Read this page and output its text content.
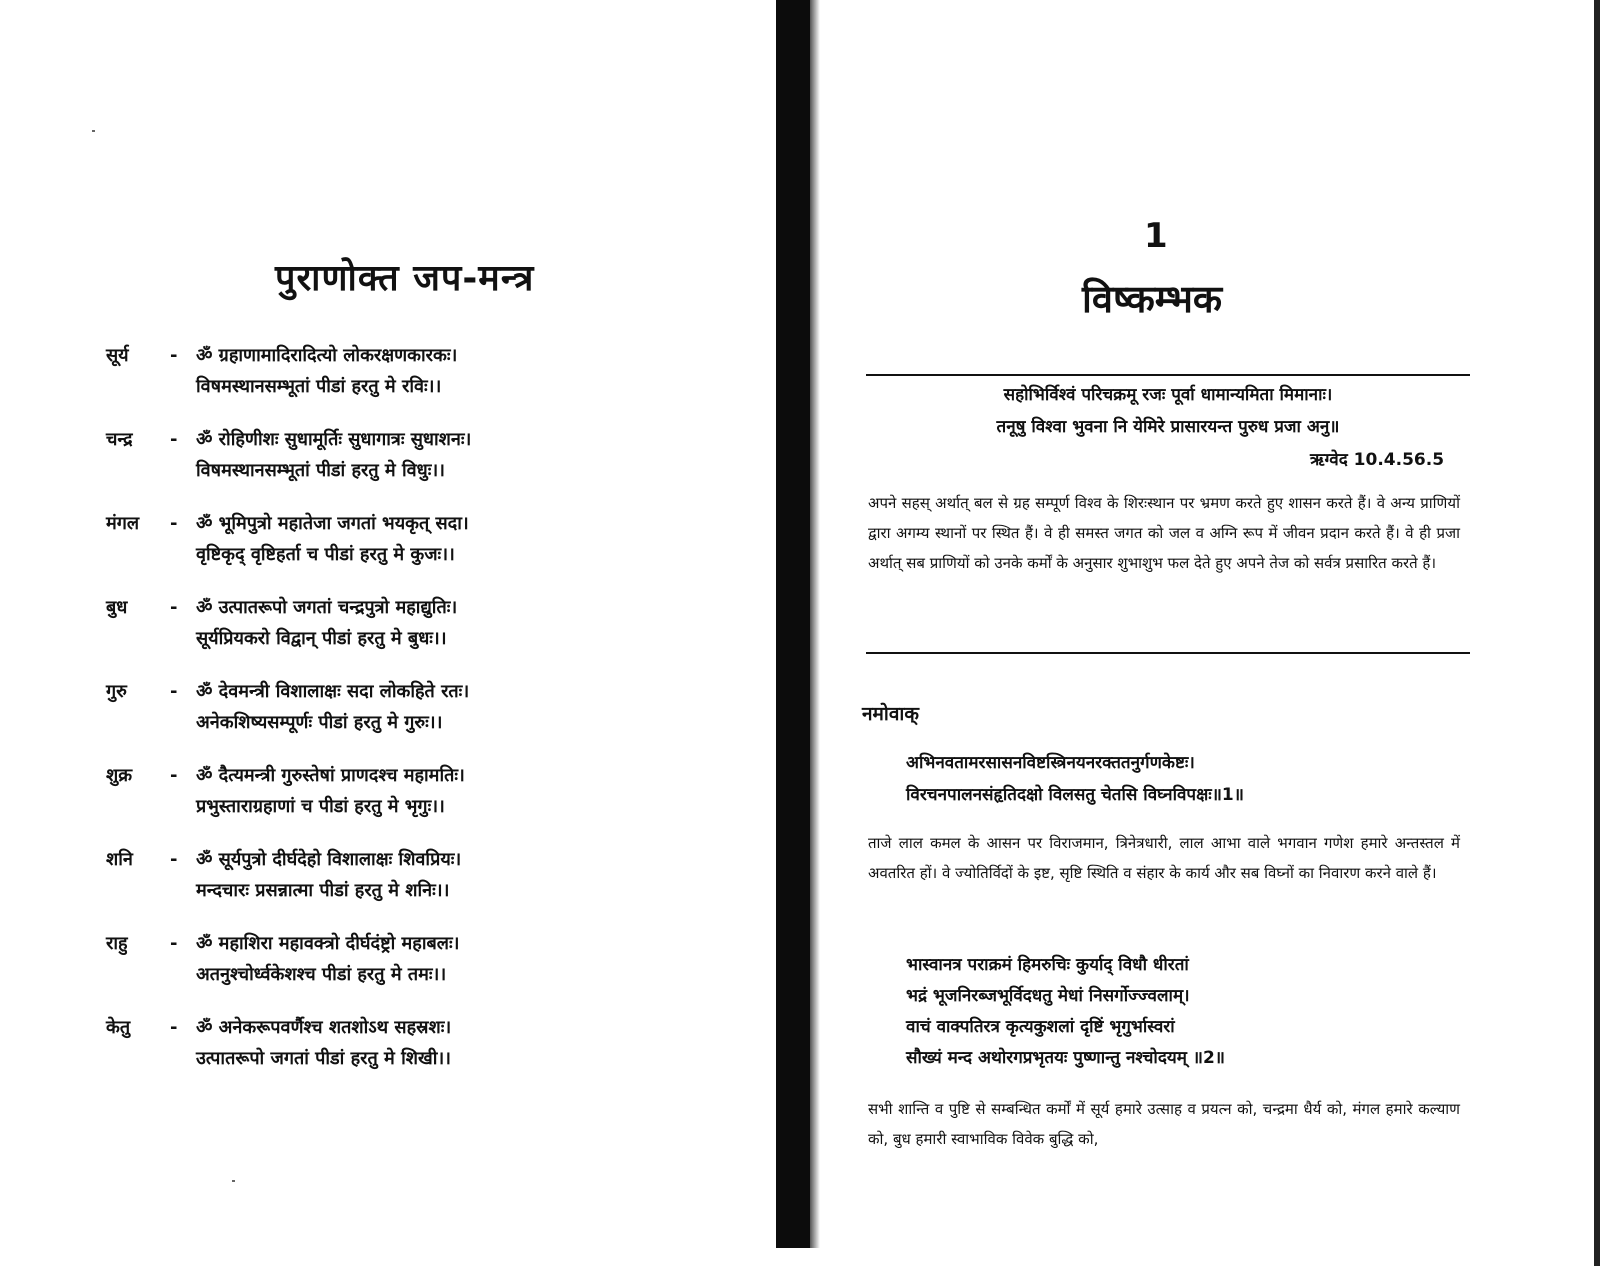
पुराणोक्त जप-मन्त्र
सूर्य	- ॐ ग्रहाणामादिरादित्यो लोकरक्षणकारकः।
विषमस्थानसम्भूतां पीडां हरतु मे रविः।।
चन्द्र	- ॐ रोहिणीशः सुधामूर्तिः सुधागात्रः सुधाशनः।
विषमस्थानसम्भूतां पीडां हरतु मे विधुः।।
मंगल	- ॐ भूमिपुत्रो महातेजा जगतां भयकृत् सदा।
वृष्टिकृद् वृष्टिहर्ता च पीडां हरतु मे कुजः।।
बुध	- ॐ उत्पातरूपो जगतां चन्द्रपुत्रो महाद्युतिः।
सूर्यप्रियकरो विद्वान् पीडां हरतु मे बुधः।।
गुरु	- ॐ देवमन्त्री विशालाक्षः सदा लोकहिते रतः।
अनेकशिष्यसम्पूर्णः पीडां हरतु मे गुरुः।।
शुक्र	- ॐ दैत्यमन्त्री गुरुस्तेषां प्राणदश्च महामतिः।
प्रभुस्ताराग्रहाणां च पीडां हरतु मे भृगुः।।
शनि	- ॐ सूर्यपुत्रो दीर्घदेहो विशालाक्षः शिवप्रियः।
मन्दचारः प्रसन्नात्मा पीडां हरतु मे शनिः।।
राहु	- ॐ महाशिरा महावक्त्रो दीर्घदंष्ट्रो महाबलः।
अतनुश्चोर्ध्वकेशश्च पीडां हरतु मे तमः।।
केतु	- ॐ अनेकरूपवर्णैश्च शतशोऽथ सहस्रशः।
उत्पातरूपो जगतां पीडां हरतु मे शिखी।।
1
विष्कम्भक
सहोभिर्विश्वं परिचक्रमू रजः पूर्वा धामान्यमिता मिमानाः।
तनूषु विश्वा भुवना नि येमिरे प्रासारयन्त पुरुध प्रजा अनु॥
ऋग्वेद 10.4.56.5
अपने सहस् अर्थात् बल से ग्रह सम्पूर्ण विश्व के शिरःस्थान पर भ्रमण करते हुए शासन करते हैं। वे अन्य प्राणियों द्वारा अगम्य स्थानों पर स्थित हैं। वे ही समस्त जगत को जल व अग्नि रूप में जीवन प्रदान करते हैं। वे ही प्रजा अर्थात् सब प्राणियों को उनके कर्मों के अनुसार शुभाशुभ फल देते हुए अपने तेज को सर्वत्र प्रसारित करते हैं।
नमोवाक्
अभिनवतामरसासनविष्टस्त्रिनयनरक्ततनुर्गणकेष्टः।
विरचनपालनसंहृतिदक्षो विलसतु चेतसि विघ्नविपक्षः॥1॥
ताजे लाल कमल के आसन पर विराजमान, त्रिनेत्रधारी, लाल आभा वाले भगवान गणेश हमारे अन्तस्तल में अवतरित हों। वे ज्योतिर्विदों के इष्ट, सृष्टि स्थिति व संहार के कार्य और सब विघ्नों का निवारण करने वाले हैं।
भास्वानत्र पराक्रमं हिमरुचिः कुर्याद् विधौ धीरतां
भद्रं भूजनिरब्जभूर्विदधतु मेधां निसर्गोज्ज्वलाम्।
वाचं वाक्पतिरत्र कृत्यकुशलां दृष्टिं भृगुर्भास्वरां
सौख्यं मन्द अथोरगप्रभृतयः पुष्णान्तु नश्चोदयम् ॥2॥
सभी शान्ति व पुष्टि से सम्बन्धित कर्मों में सूर्य हमारे उत्साह व प्रयत्न को, चन्द्रमा धैर्य को, मंगल हमारे कल्याण को, बुध हमारी स्वाभाविक विवेक बुद्धि को,
